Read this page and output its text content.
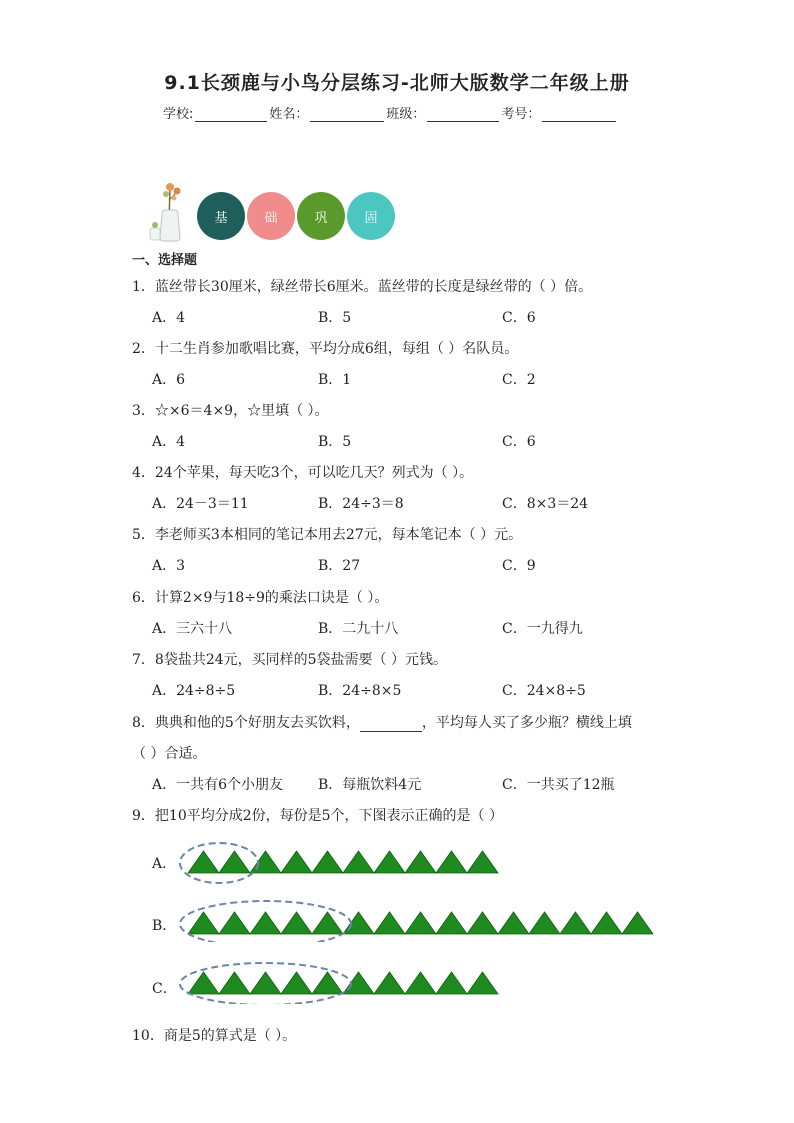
9.1长颈鹿与小鸟分层练习-北师大版数学二年级上册
学校:	姓名：	班级：	考号：
基	础	巩	固
一、选择题
1．蓝丝带长30厘米，绿丝带长6厘米。蓝丝带的长度是绿丝带的（ ）倍。
A．4	B．5	C．6
2．十二生肖参加歌唱比赛，平均分成6组，每组（ ）名队员。
A．6	B．1	C．2
3．☆×6＝4×9，☆里填（ ）。
A．4	B．5	C．6
4．24个苹果，每天吃3个，可以吃几天？列式为（ ）。
A．24－3＝11	B．24÷3＝8	C．8×3＝24
5．李老师买3本相同的笔记本用去27元，每本笔记本（ ）元。
A．3	B．27	C．9
6．计算2×9与18÷9的乘法口诀是（ ）。
A．三六十八	B．二九十八	C．一九得九
7．8袋盐共24元，买同样的5袋盐需要（ ）元钱。
A．24÷8÷5	B．24÷8×5	C．24×8÷5
8．典典和他的5个好朋友去买饮料，	，平均每人买了多少瓶？横线上填
（ ）合适。
A．一共有6个小朋友 B．每瓶饮料4元	C．一共买了12瓶
9．把10平均分成2份，每份是5个，下图表示正确的是（ ）
A．
B．
C．
10．商是5的算式是（ ）。
